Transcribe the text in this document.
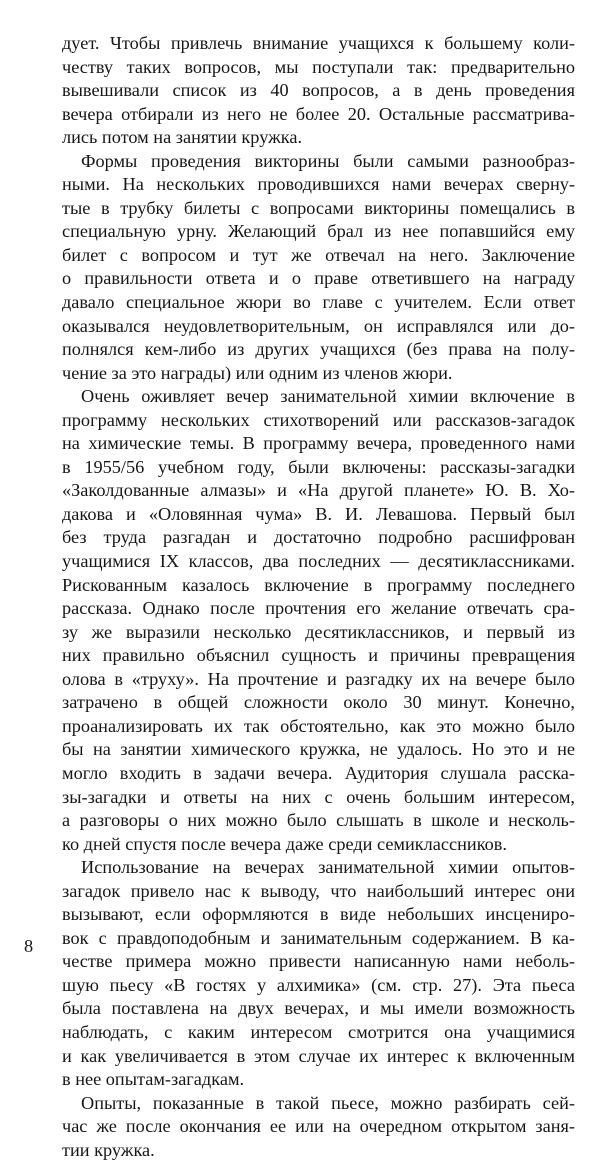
дует. Чтобы привлечь внимание учащихся к большему коли-
честву таких вопросов, мы поступали так: предварительно
вывешивали список из 40 вопросов, а в день проведения
вечера отбирали из него не более 20. Остальные рассматрива-
лись потом на занятии кружка.

Формы проведения викторины были самыми разнообраз-
ными. На нескольких проводившихся нами вечерах сверну-
тые в трубку билеты с вопросами викторины помещались в
специальную урну. Желающий брал из нее попавшийся ему
билет с вопросом и тут же отвечал на него. Заключение
о правильности ответа и о праве ответившего на награду
давало специальное жюри во главе с учителем. Если ответ
оказывался неудовлетворительным, он исправлялся или до-
полнялся кем-либо из других учащихся (без права на полу-
чение за это награды) или одним из членов жюри.

Очень оживляет вечер занимательной химии включение в
программу нескольких стихотворений или рассказов-загадок
на химические темы. В программу вечера, проведенного нами
в 1955/56 учебном году, были включены: рассказы-загадки
«Заколдованные алмазы» и «На другой планете» Ю. В. Хо-
дакова и «Оловянная чума» В. И. Левашова. Первый был
без труда разгадан и достаточно подробно расшифрован
учащимися IX классов, два последних — десятиклассниками.
Рискованным казалось включение в программу последнего
рассказа. Однако после прочтения его желание отвечать сра-
зу же выразили несколько десятиклассников, и первый из
них правильно объяснил сущность и причины превращения
олова в «труху». На прочтение и разгадку их на вечере было
затрачено в общей сложности около 30 минут. Конечно,
проанализировать их так обстоятельно, как это можно было
бы на занятии химического кружка, не удалось. Но это и не
могло входить в задачи вечера. Аудитория слушала расска-
зы-загадки и ответы на них с очень большим интересом,
а разговоры о них можно было слышать в школе и несколь-
ко дней спустя после вечера даже среди семиклассников.

Использование на вечерах занимательной химии опытов-
загадок привело нас к выводу, что наибольший интерес они
вызывают, если оформляются в виде небольших инсцениро-
вок с правдоподобным и занимательным содержанием. В ка-
честве примера можно привести написанную нами неболь-
шую пьесу «В гостях у алхимика» (см. стр. 27). Эта пьеса
была поставлена на двух вечерах, и мы имели возможность
наблюдать, с каким интересом смотрится она учащимися
и как увеличивается в этом случае их интерес к включенным
в нее опытам-загадкам.

Опыты, показанные в такой пьесе, можно разбирать сей-
час же после окончания ее или на очередном открытом заня-
тии кружка.

8
